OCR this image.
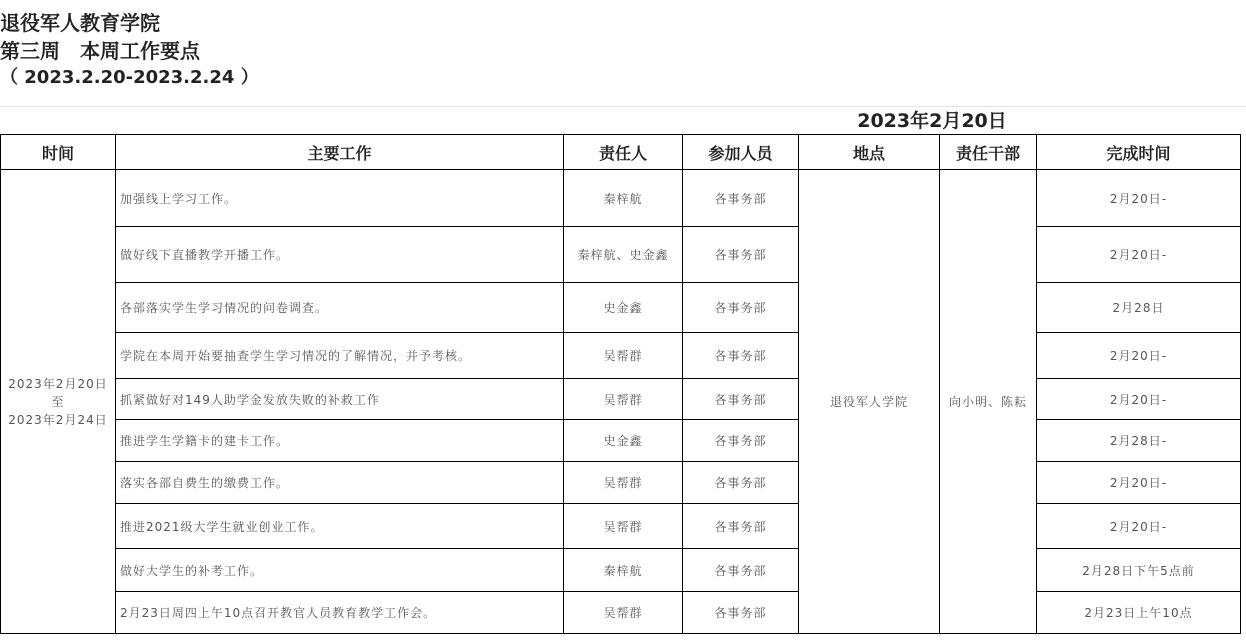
退役军人教育学院
第三周　本周工作要点
（ 2023.2.20-2023.2.24 ）
2023年2月20日
时间	主要工作	责任人	参加人员	地点	责任干部	完成时间

2023年2月20日
至
2023年2月24日	加强线上学习工作。	秦梓航	各事务部	退役军人学院	向小明、陈耘	2月20日-
	做好线下直播教学开播工作。	秦梓航、史金鑫	各事务部			2月20日-
	各部落实学生学习情况的问卷调查。	史金鑫	各事务部			2月28日
	学院在本周开始要抽查学生学习情况的了解情况，并予考核。	吴帮群	各事务部			2月20日-
	抓紧做好对149人助学金发放失败的补救工作	吴帮群	各事务部			2月20日-
	推进学生学籍卡的建卡工作。	史金鑫	各事务部			2月28日-
	落实各部自费生的缴费工作。	吴帮群	各事务部			2月20日-
	推进2021级大学生就业创业工作。	吴帮群	各事务部			2月20日-
	做好大学生的补考工作。	秦梓航	各事务部			2月28日下午5点前
	2月23日周四上午10点召开教官人员教育教学工作会。	吴帮群	各事务部			2月23日上午10点
